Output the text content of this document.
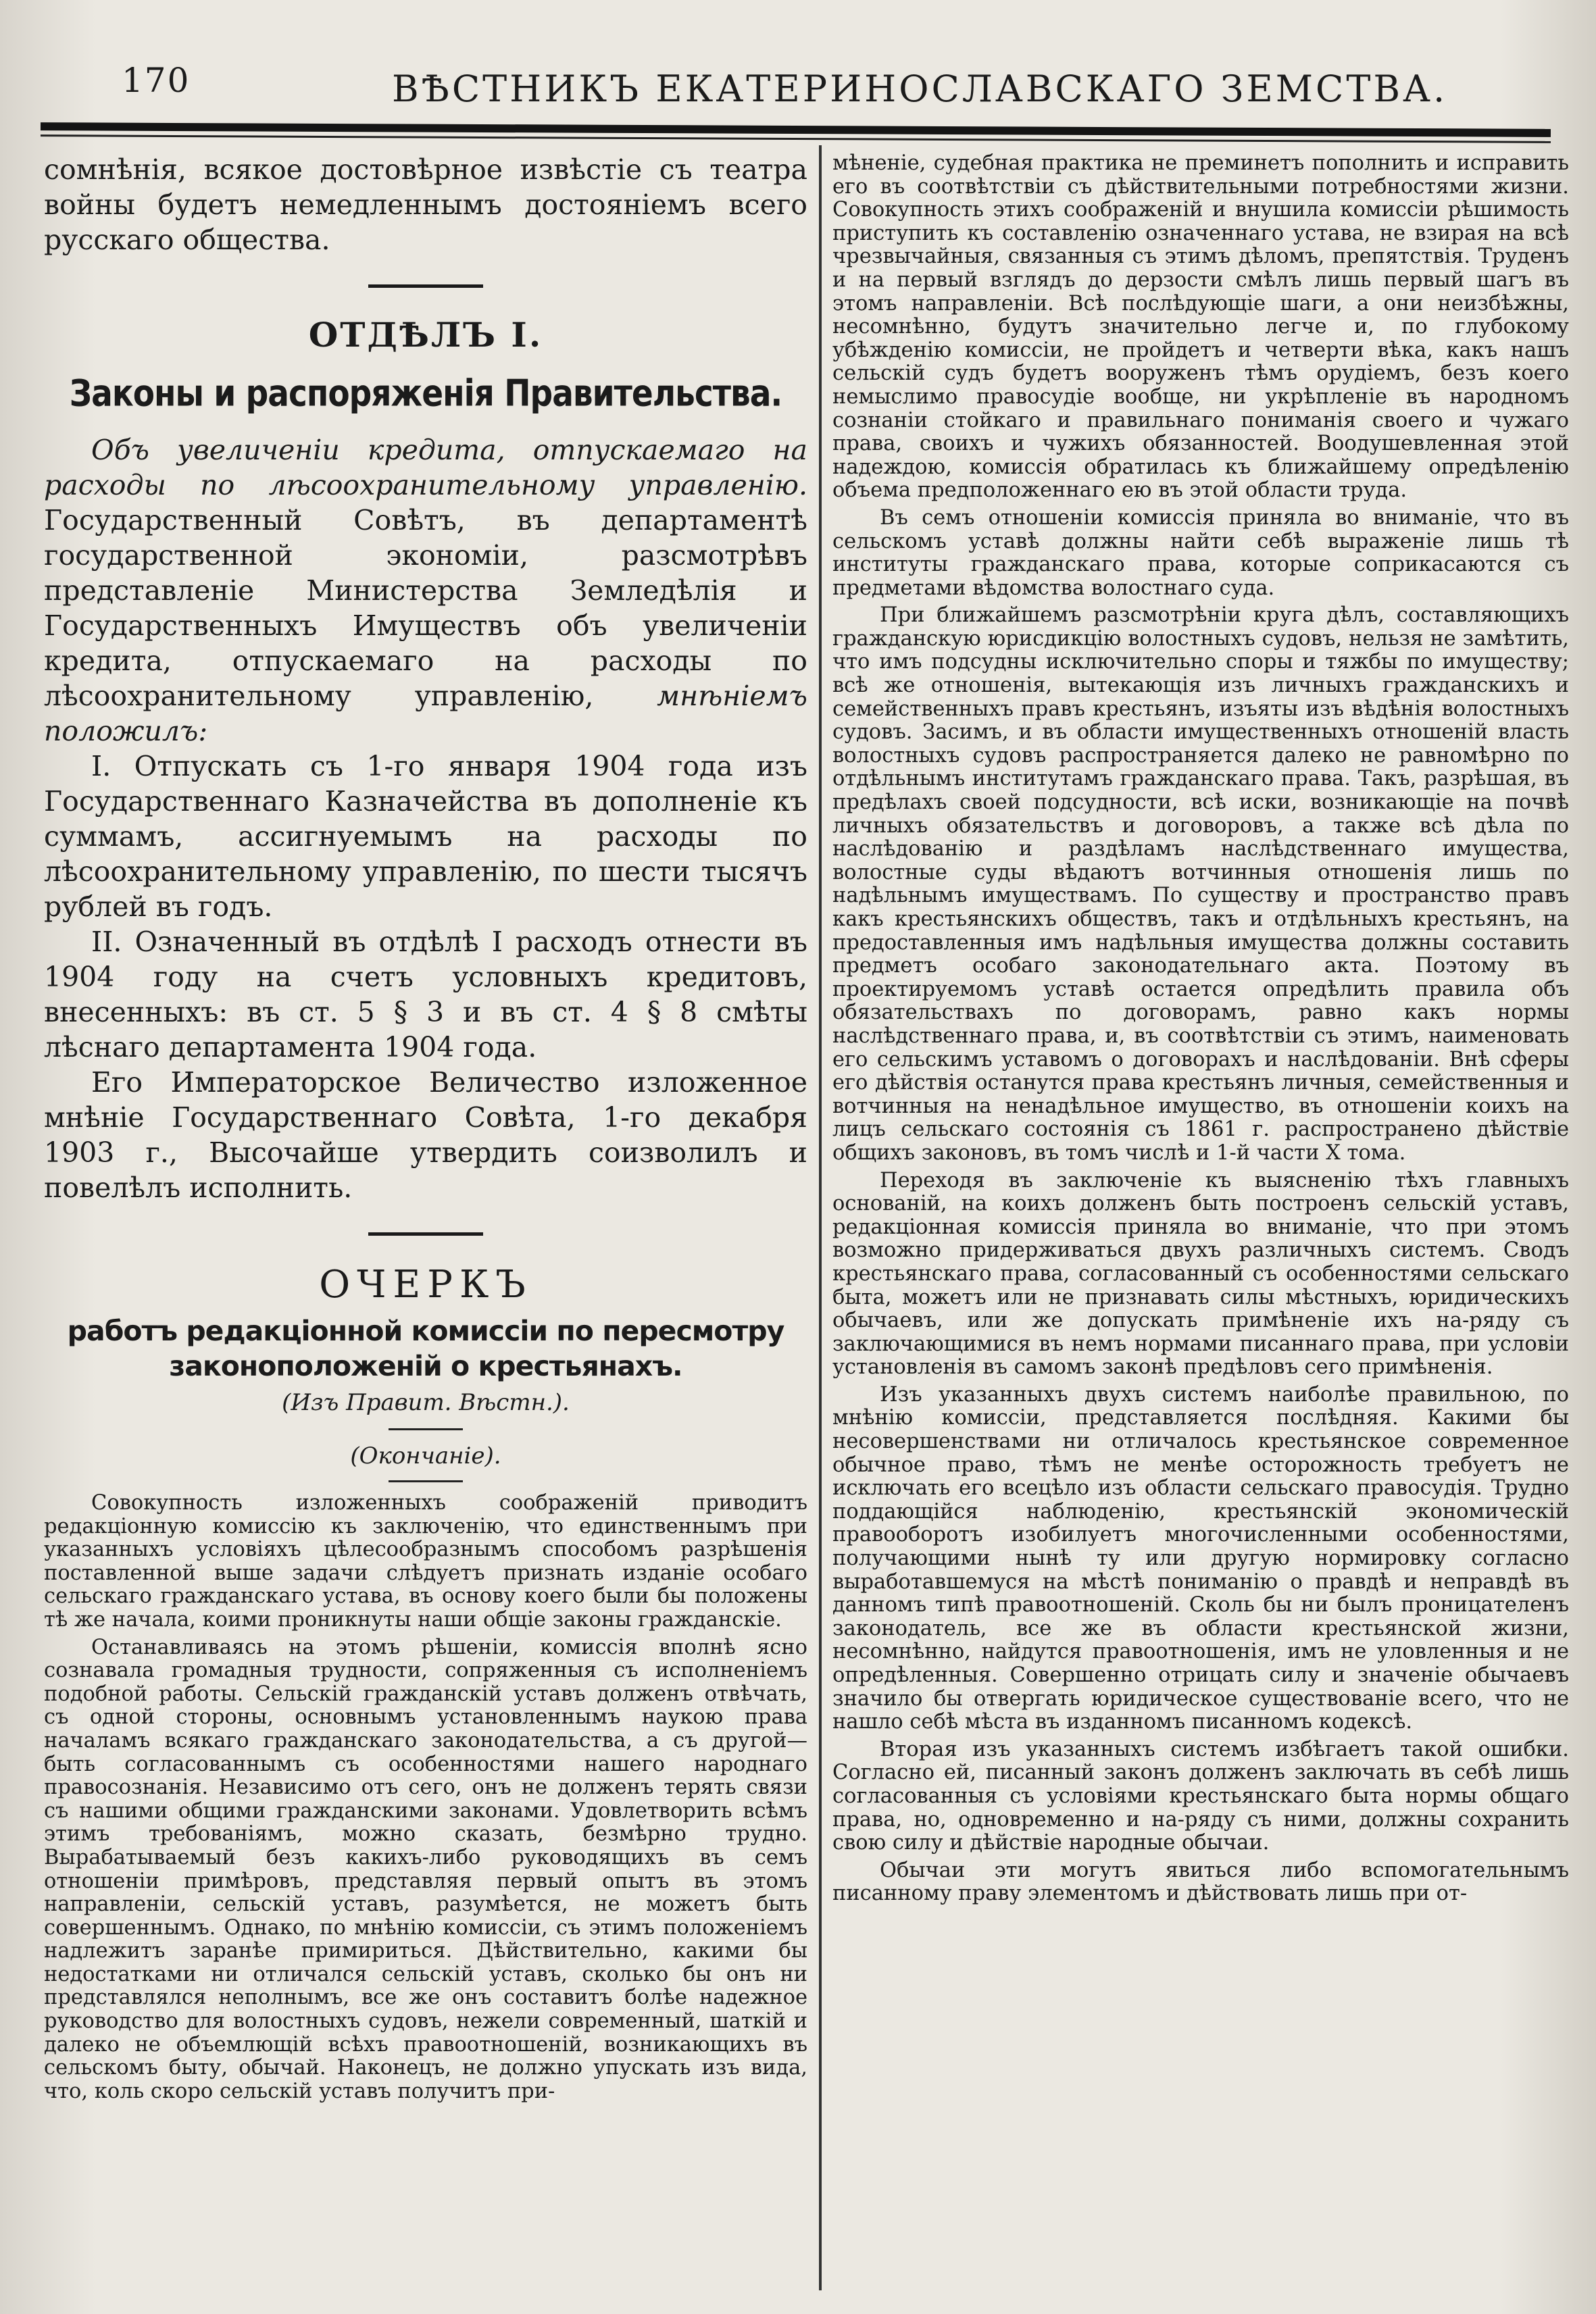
170	ВѢСТНИКЪ ЕКАТЕРИНОСЛАВСКАГО ЗЕМСТВА.

сомнѣнія, всякое достовѣрное извѣстіе съ театра войны будетъ немедленнымъ достояніемъ всего русскаго общества.

ОТДѢЛЪ I.
Законы и распоряженія Правительства.

Объ увеличеніи кредита, отпускаемаго на расходы по лѣсоохранительному управленію. Государственный Совѣтъ, въ департаментѣ государственной экономіи, разсмотрѣвъ представленіе Министерства Земледѣлія и Государственныхъ Имуществъ объ увеличеніи кредита, отпускаемаго на расходы по лѣсоохранительному управленію, мнѣніемъ положилъ:

I. Отпускать съ 1-го января 1904 года изъ Государственнаго Казначейства въ дополненіе къ суммамъ, ассигнуемымъ на расходы по лѣсоохранительному управленію, по шести тысячъ рублей въ годъ.

II. Означенный въ отдѣлѣ I расходъ отнести въ 1904 году на счетъ условныхъ кредитовъ, внесенныхъ: въ ст. 5 § 3 и въ ст. 4 § 8 смѣты лѣснаго департамента 1904 года.

Его Императорское Величество изложенное мнѣніе Государственнаго Совѣта, 1-го декабря 1903 г., Высочайше утвердить соизволилъ и повелѣлъ исполнить.

ОЧЕРКЪ
работъ редакціонной комиссіи по пересмотру законоположеній о крестьянахъ.
(Изъ Правит. Вѣстн.).
(Окончаніе).

Совокупность изложенныхъ соображеній приводитъ редакціонную комиссію къ заключенію, что единственнымъ при указанныхъ условіяхъ цѣлесообразнымъ способомъ разрѣшенія поставленной выше задачи слѣдуетъ признать изданіе особаго сельскаго гражданскаго устава, въ основу коего были бы положены тѣ же начала, коими проникнуты наши общіе законы гражданскіе.

Останавливаясь на этомъ рѣшеніи, комиссія вполнѣ ясно сознавала громадныя трудности, сопряженныя съ исполненіемъ подобной работы. Сельскій гражданскій уставъ долженъ отвѣчать, съ одной стороны, основнымъ установленнымъ наукою права началамъ всякаго гражданскаго законодательства, а съ другой— быть согласованнымъ съ особенностями нашего народнаго правосознанія. Независимо отъ сего, онъ не долженъ терять связи съ нашими общими гражданскими законами. Удовлетворить всѣмъ этимъ требованіямъ, можно сказать, безмѣрно трудно. Вырабатываемый безъ какихъ-либо руководящихъ въ семъ отношеніи примѣровъ, представляя первый опытъ въ этомъ направленіи, сельскій уставъ, разумѣется, не можетъ быть совершеннымъ. Однако, по мнѣнію комиссіи, съ этимъ положеніемъ надлежитъ заранѣе примириться. Дѣйствительно, какими бы недостатками ни отличался сельскій уставъ, сколько бы онъ ни представлялся неполнымъ, все же онъ составитъ болѣе надежное руководство для волостныхъ судовъ, нежели современный, шаткій и далеко не объемлющій всѣхъ правоотношеній, возникающихъ въ сельскомъ быту, обычай. Наконецъ, не должно упускать изъ вида, что, коль скоро сельскій уставъ получитъ при-

мѣненіе, судебная практика не преминетъ пополнить и исправить его въ соотвѣтствіи съ дѣйствительными потребностями жизни. Совокупность этихъ соображеній и внушила комиссіи рѣшимость приступить къ составленію означеннаго устава, не взирая на всѣ чрезвычайныя, связанныя съ этимъ дѣломъ, препятствія. Труденъ и на первый взглядъ до дерзости смѣлъ лишь первый шагъ въ этомъ направленіи. Всѣ послѣдующіе шаги, а они неизбѣжны, несомнѣнно, будутъ значительно легче и, по глубокому убѣжденію комиссіи, не пройдетъ и четверти вѣка, какъ нашъ сельскій судъ будетъ вооруженъ тѣмъ орудіемъ, безъ коего немыслимо правосудіе вообще, ни укрѣпленіе въ народномъ сознаніи стойкаго и правильнаго пониманія своего и чужаго права, своихъ и чужихъ обязанностей. Воодушевленная этой надеждою, комиссія обратилась къ ближайшему опредѣленію объема предположеннаго ею въ этой области труда.

Въ семъ отношеніи комиссія приняла во вниманіе, что въ сельскомъ уставѣ должны найти себѣ выраженіе лишь тѣ институты гражданскаго права, которые соприкасаются съ предметами вѣдомства волостнаго суда.

При ближайшемъ разсмотрѣніи круга дѣлъ, составляющихъ гражданскую юрисдикцію волостныхъ судовъ, нельзя не замѣтить, что имъ подсудны исключительно споры и тяжбы по имуществу; всѣ же отношенія, вытекающія изъ личныхъ гражданскихъ и семейственныхъ правъ крестьянъ, изъяты изъ вѣдѣнія волостныхъ судовъ. Засимъ, и въ области имущественныхъ отношеній власть волостныхъ судовъ распространяется далеко не равномѣрно по отдѣльнымъ институтамъ гражданскаго права. Такъ, разрѣшая, въ предѣлахъ своей подсудности, всѣ иски, возникающіе на почвѣ личныхъ обязательствъ и договоровъ, а также всѣ дѣла по наслѣдованію и раздѣламъ наслѣдственнаго имущества, волостные суды вѣдаютъ вотчинныя отношенія лишь по надѣльнымъ имуществамъ. По существу и пространство правъ какъ крестьянскихъ обществъ, такъ и отдѣльныхъ крестьянъ, на предоставленныя имъ надѣльныя имущества должны составить предметъ особаго законодательнаго акта. Поэтому въ проектируемомъ уставѣ остается опредѣлить правила объ обязательствахъ по договорамъ, равно какъ нормы наслѣдственнаго права, и, въ соотвѣтствіи съ этимъ, наименовать его сельскимъ уставомъ о договорахъ и наслѣдованіи. Внѣ сферы его дѣйствія останутся права крестьянъ личныя, семейственныя и вотчинныя на ненадѣльное имущество, въ отношеніи коихъ на лицъ сельскаго состоянія съ 1861 г. распространено дѣйствіе общихъ законовъ, въ томъ числѣ и 1-й части X тома.

Переходя въ заключеніе къ выясненію тѣхъ главныхъ основаній, на коихъ долженъ быть построенъ сельскій уставъ, редакціонная комиссія приняла во вниманіе, что при этомъ возможно придерживаться двухъ различныхъ системъ. Сводъ крестьянскаго права, согласованный съ особенностями сельскаго быта, можетъ или не признавать силы мѣстныхъ, юридическихъ обычаевъ, или же допускать примѣненіе ихъ на-ряду съ заключающимися въ немъ нормами писаннаго права, при условіи установленія въ самомъ законѣ предѣловъ сего примѣненія.

Изъ указанныхъ двухъ системъ наиболѣе правильною, по мнѣнію комиссіи, представляется послѣдняя. Какими бы несовершенствами ни отличалось крестьянское современное обычное право, тѣмъ не менѣе осторожность требуетъ не исключать его всецѣло изъ области сельскаго правосудія. Трудно поддающійся наблюденію, крестьянскій экономическій правооборотъ изобилуетъ многочисленными особенностями, получающими нынѣ ту или другую нормировку согласно выработавшемуся на мѣстѣ пониманію о правдѣ и неправдѣ въ данномъ типѣ правоотношеній. Сколь бы ни былъ проницателенъ законодатель, все же въ области крестьянской жизни, несомнѣнно, найдутся правоотношенія, имъ не уловленныя и не опредѣленныя. Совершенно отрицать силу и значеніе обычаевъ значило бы отвергать юридическое существованіе всего, что не нашло себѣ мѣста въ изданномъ писанномъ кодексѣ.

Вторая изъ указанныхъ системъ избѣгаетъ такой ошибки. Согласно ей, писанный законъ долженъ заключать въ себѣ лишь согласованныя съ условіями крестьянскаго быта нормы общаго права, но, одновременно и на-ряду съ ними, должны сохранить свою силу и дѣйствіе народные обычаи.

Обычаи эти могутъ явиться либо вспомогательнымъ писанному праву элементомъ и дѣйствовать лишь при от-
